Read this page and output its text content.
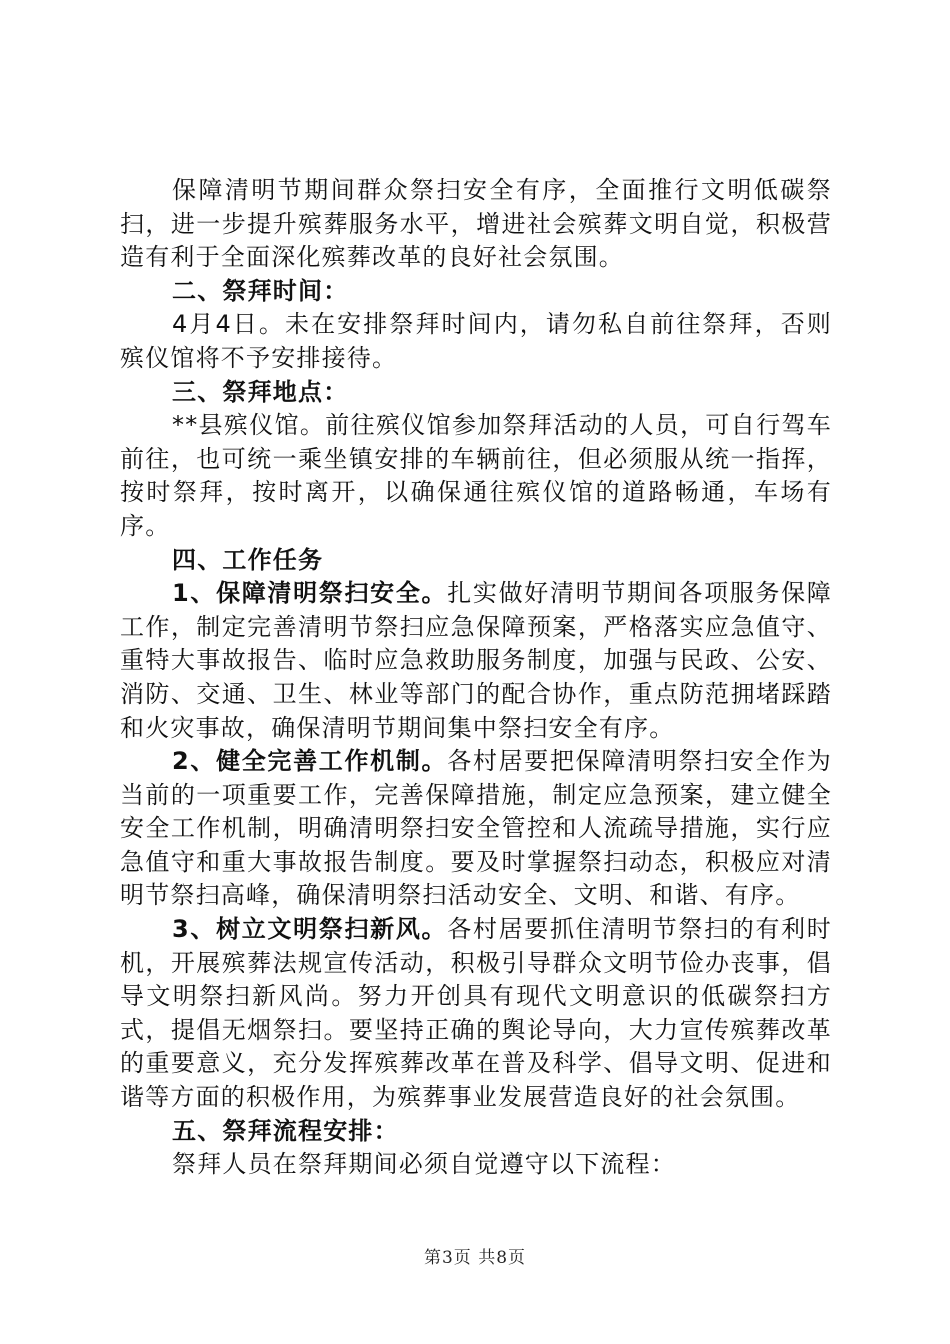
保障清明节期间群众祭扫安全有序，全面推行文明低碳祭扫，进一步提升殡葬服务水平，增进社会殡葬文明自觉，积极营造有利于全面深化殡葬改革的良好社会氛围。

二、祭拜时间：

4月4日。未在安排祭拜时间内，请勿私自前往祭拜，否则殡仪馆将不予安排接待。

三、祭拜地点：

**县殡仪馆。前往殡仪馆参加祭拜活动的人员，可自行驾车前往，也可统一乘坐镇安排的车辆前往，但必须服从统一指挥，按时祭拜，按时离开，以确保通往殡仪馆的道路畅通，车场有序。

四、工作任务

1、保障清明祭扫安全。扎实做好清明节期间各项服务保障工作，制定完善清明节祭扫应急保障预案，严格落实应急值守、重特大事故报告、临时应急救助服务制度，加强与民政、公安、消防、交通、卫生、林业等部门的配合协作，重点防范拥堵踩踏和火灾事故，确保清明节期间集中祭扫安全有序。

2、健全完善工作机制。各村居要把保障清明祭扫安全作为当前的一项重要工作，完善保障措施，制定应急预案，建立健全安全工作机制，明确清明祭扫安全管控和人流疏导措施，实行应急值守和重大事故报告制度。要及时掌握祭扫动态，积极应对清明节祭扫高峰，确保清明祭扫活动安全、文明、和谐、有序。

3、树立文明祭扫新风。各村居要抓住清明节祭扫的有利时机，开展殡葬法规宣传活动，积极引导群众文明节俭办丧事，倡导文明祭扫新风尚。努力开创具有现代文明意识的低碳祭扫方式，提倡无烟祭扫。要坚持正确的舆论导向，大力宣传殡葬改革的重要意义，充分发挥殡葬改革在普及科学、倡导文明、促进和谐等方面的积极作用，为殡葬事业发展营造良好的社会氛围。

五、祭拜流程安排：

祭拜人员在祭拜期间必须自觉遵守以下流程：

第3页 共8页
